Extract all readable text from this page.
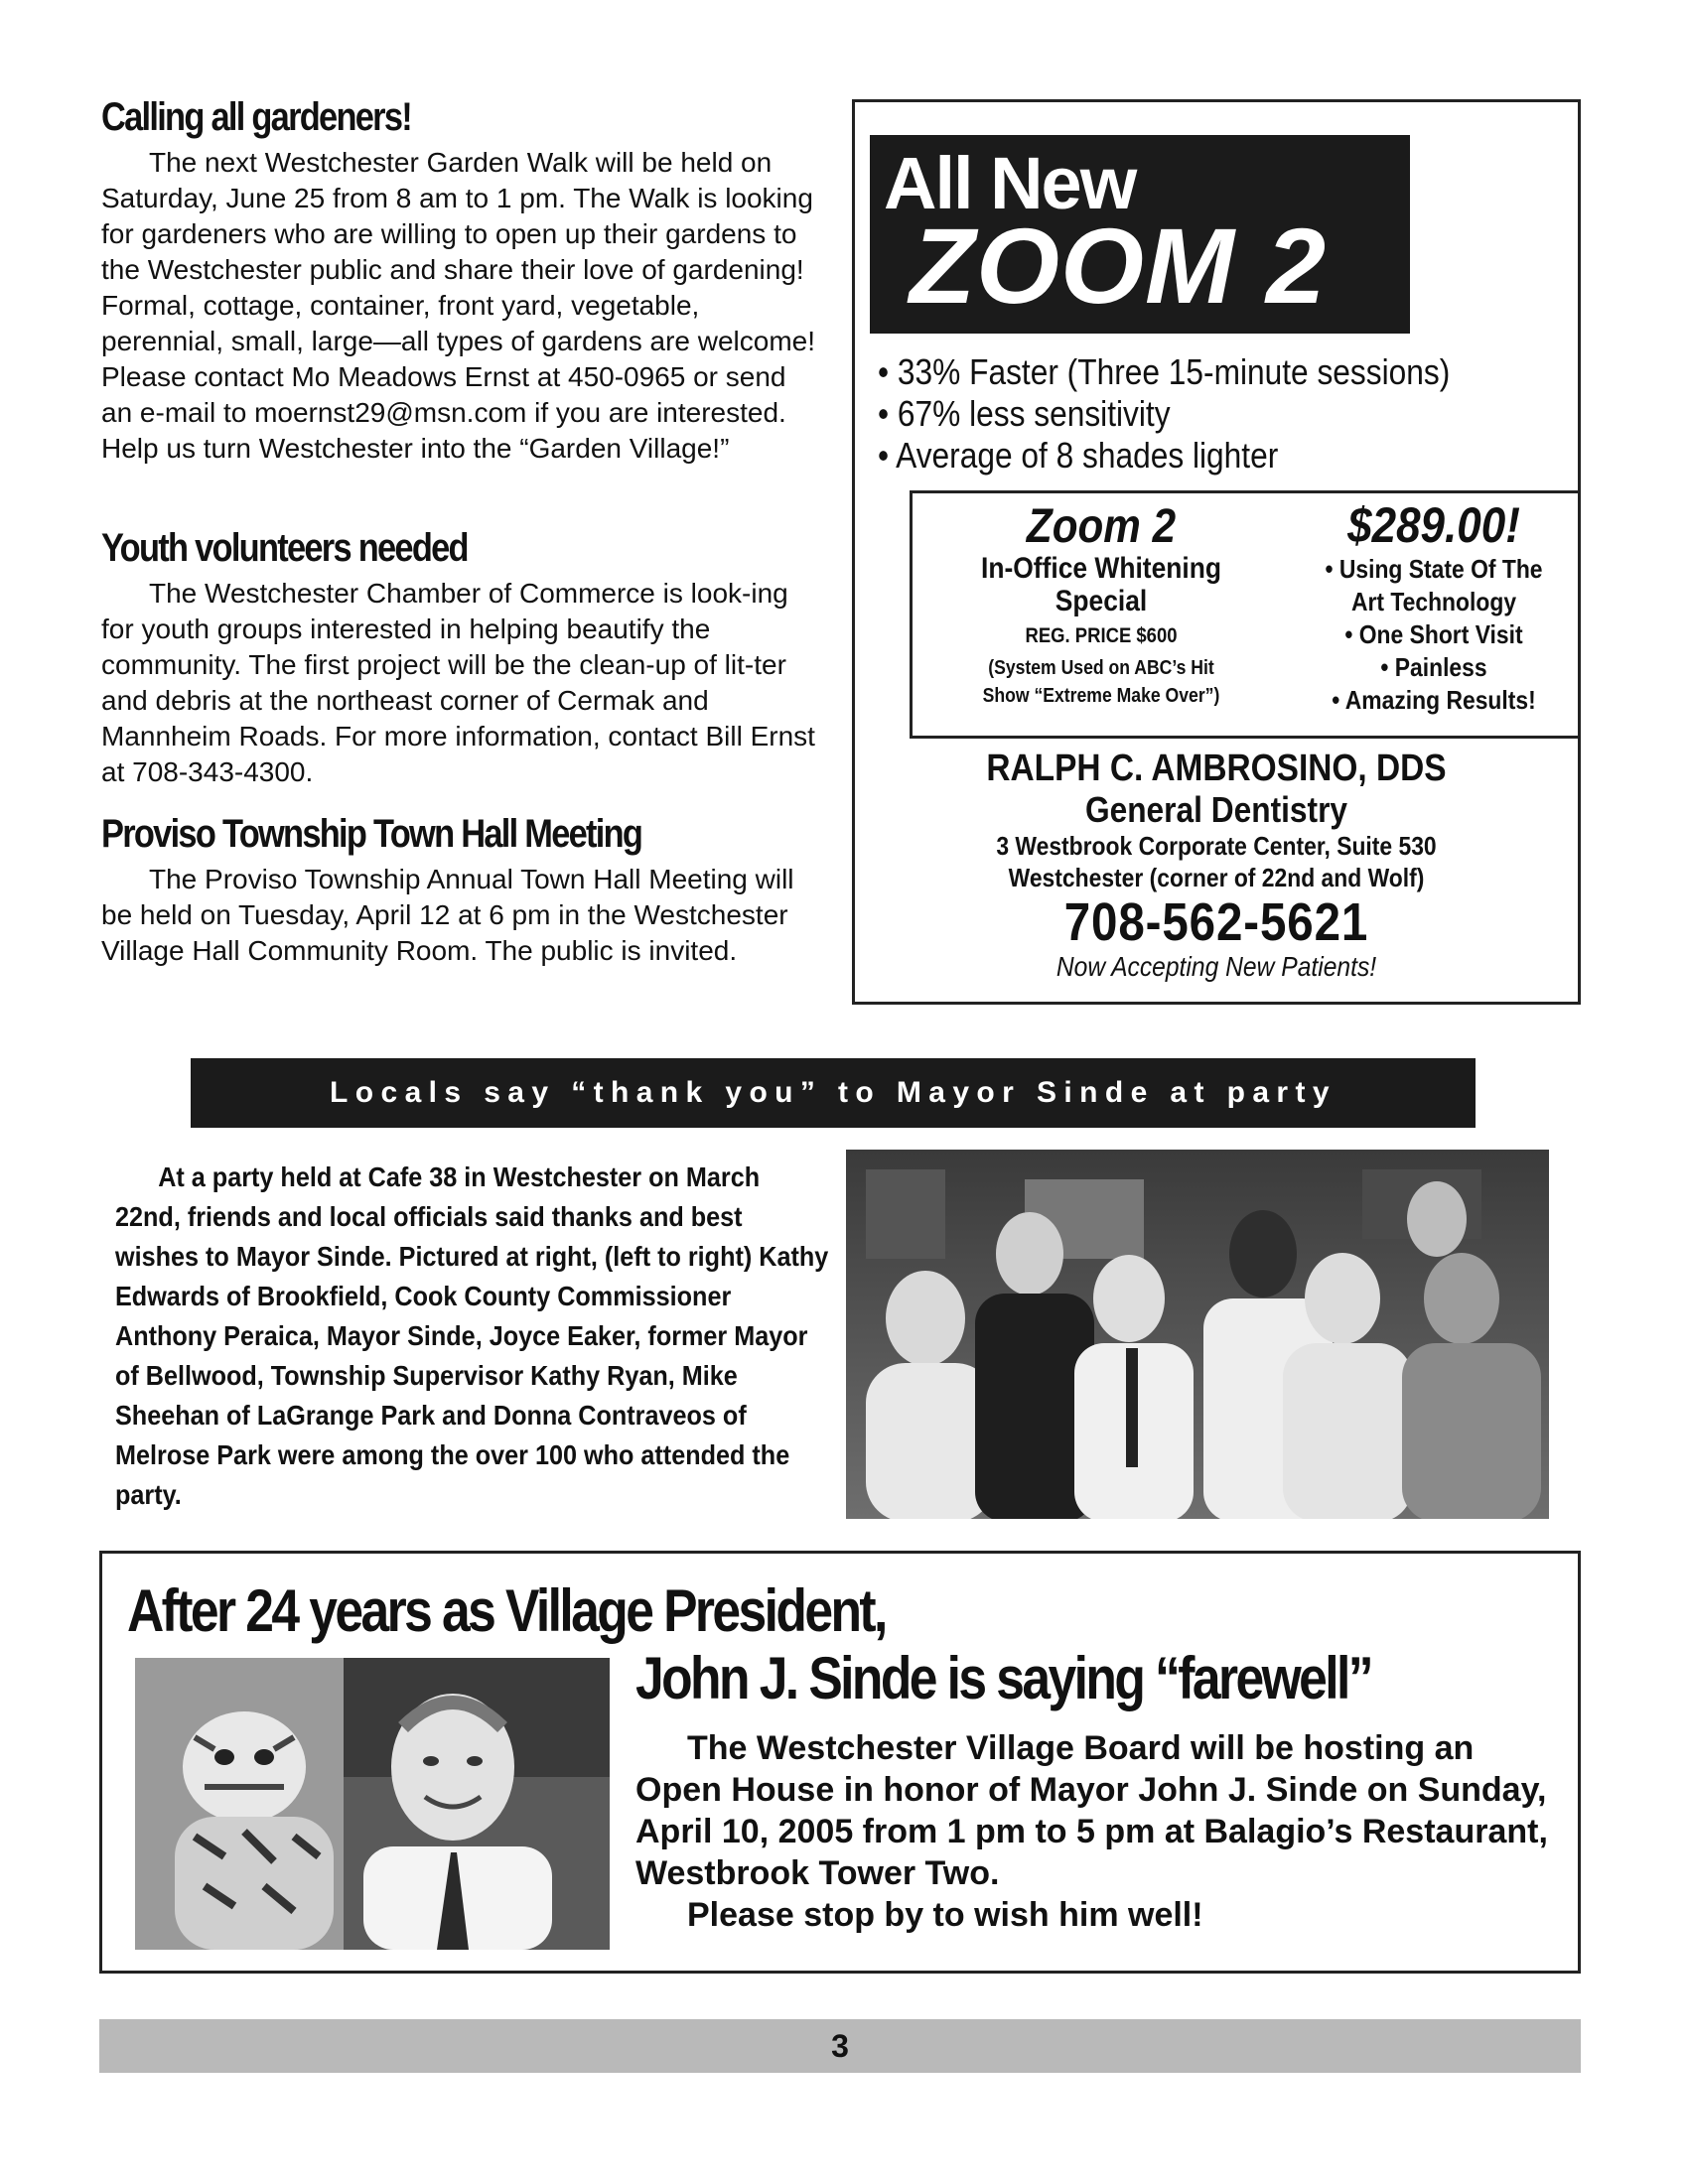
Calling all gardeners!

The next Westchester Garden Walk will be held on Saturday, June 25 from 8 am to 1 pm. The Walk is looking for gardeners who are willing to open up their gardens to the Westchester public and share their love of gardening! Formal, cottage, container, front yard, vegetable, perennial, small, large—all types of gardens are welcome! Please contact Mo Meadows Ernst at 450-0965 or send an e-mail to moernst29@msn.com if you are interested. Help us turn Westchester into the “Garden Village!”

Youth volunteers needed

The Westchester Chamber of Commerce is look-ing for youth groups interested in helping beautify the community. The first project will be the clean-up of lit-ter and debris at the northeast corner of Cermak and Mannheim Roads. For more information, contact Bill Ernst at 708-343-4300.

Proviso Township Town Hall Meeting

The Proviso Township Annual Town Hall Meeting will be held on Tuesday, April 12 at 6 pm in the Westchester Village Hall Community Room. The public is invited.

All New
ZOOM 2

• 33% Faster (Three 15-minute sessions)

• 67% less sensitivity

• Average of 8 shades lighter

Zoom 2
In-Office Whitening
Special
REG. PRICE $600
(System Used on ABC’s Hit
Show “Extreme Make Over”)
$289.00!
• Using State Of The
Art Technology
• One Short Visit
• Painless
• Amazing Results!
RALPH C. AMBROSINO, DDS
General Dentistry
3 Westbrook Corporate Center, Suite 530
Westchester (corner of 22nd and Wolf)
708-562-5621
Now Accepting New Patients!
Locals say “thank you” to Mayor Sinde at party

At a party held at Cafe 38 in Westchester on March 22nd, friends and local officials said thanks and best wishes to Mayor Sinde. Pictured at right, (left to right) Kathy Edwards of Brookfield, Cook County Commissioner Anthony Peraica, Mayor Sinde, Joyce Eaker, former Mayor of Bellwood, Township Supervisor Kathy Ryan, Mike Sheehan of LaGrange Park and Donna Contraveos of Melrose Park were among the over 100 who attended the party.

After 24 years as Village President,
John J. Sinde is saying “farewell”

The Westchester Village Board will be hosting an Open House in honor of Mayor John J. Sinde on Sunday, April 10, 2005 from 1 pm to 5 pm at Balagio’s Restaurant, Westbrook Tower Two.

Please stop by to wish him well!

3
